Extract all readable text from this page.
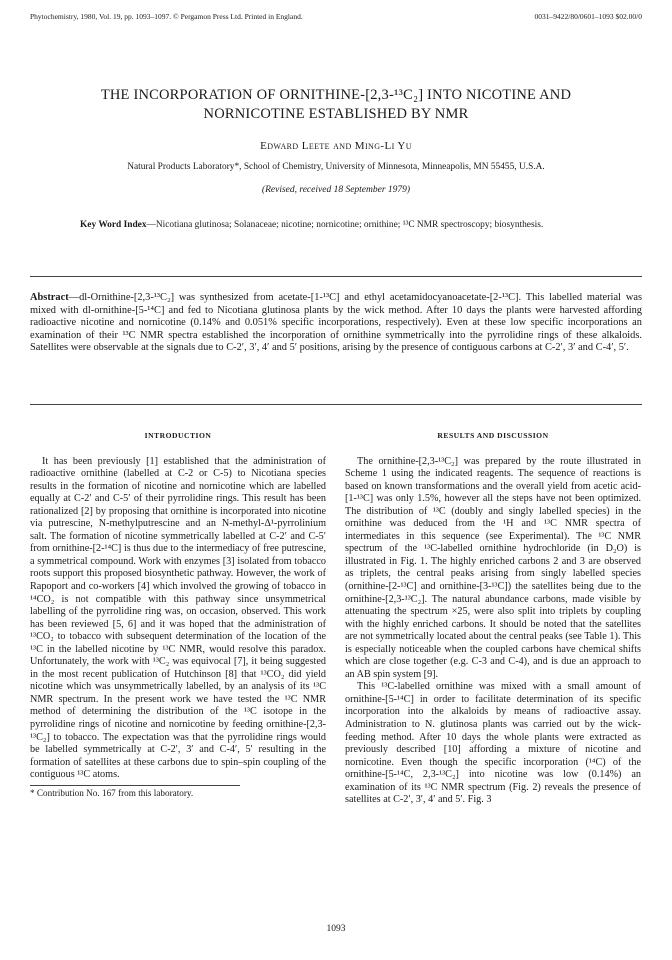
Phytochemistry, 1980, Vol. 19, pp. 1093–1097. © Pergamon Press Ltd. Printed in England.	0031–9422/80/0601–1093 $02.00/0
THE INCORPORATION OF ORNITHINE-[2,3-¹³C₂] INTO NICOTINE AND
NORNICOTINE ESTABLISHED BY NMR
Edward Leete and Ming-Li Yu
Natural Products Laboratory*, School of Chemistry, University of Minnesota, Minneapolis, MN 55455, U.S.A.
(Revised, received 18 September 1979)
Key Word Index—Nicotiana glutinosa; Solanaceae; nicotine; nornicotine; ornithine; ¹³C NMR spectroscopy; biosynthesis.
Abstract—dl-Ornithine-[2,3-¹³C₂] was synthesized from acetate-[1-¹³C] and ethyl acetamidocyanoacetate-[2-¹³C]. This labelled material was mixed with dl-ornithine-[5-¹⁴C] and fed to Nicotiana glutinosa plants by the wick method. After 10 days the plants were harvested affording radioactive nicotine and nornicotine (0.14% and 0.051% specific incorporations, respectively). Even at these low specific incorporations an examination of their ¹³C NMR spectra established the incorporation of ornithine symmetrically into the pyrrolidine rings of these alkaloids. Satellites were observable at the signals due to C-2′, 3′, 4′ and 5′ positions, arising by the presence of contiguous carbons at C-2′, 3′ and C-4′, 5′.
INTRODUCTION

It has been previously [1] established that the administration of radioactive ornithine (labelled at C-2 or C-5) to Nicotiana species results in the formation of nicotine and nornicotine which are labelled equally at C-2′ and C-5′ of their pyrrolidine rings. This result has been rationalized [2] by proposing that ornithine is incorporated into nicotine via putrescine, N-methylputrescine and an N-methyl-Δ¹-pyrrolinium salt. The formation of nicotine symmetrically labelled at C-2′ and C-5′ from ornithine-[2-¹⁴C] is thus due to the intermediacy of free putrescine, a symmetrical compound. Work with enzymes [3] isolated from tobacco roots support this proposed biosynthetic pathway. However, the work of Rapoport and co-workers [4] which involved the growing of tobacco in ¹⁴CO₂ is not compatible with this pathway since unsymmetrical labelling of the pyrrolidine ring was, on occasion, observed. This work has been reviewed [5, 6] and it was hoped that the administration of ¹³CO₂ to tobacco with subsequent determination of the location of the ¹³C in the labelled nicotine by ¹³C NMR, would resolve this paradox. Unfortunately, the work with ¹³C₂ was equivocal [7], it being suggested in the most recent publication of Hutchinson [8] that ¹³CO₂ did yield nicotine which was unsymmetrically labelled, by an analysis of its ¹³C NMR spectrum. In the present work we have tested the ¹³C NMR method of determining the distribution of the ¹³C isotope in the pyrrolidine rings of nicotine and nornicotine by feeding ornithine-[2,3-¹³C₂] to tobacco. The expectation was that the pyrrolidine rings would be labelled symmetrically at C-2′, 3′ and C-4′, 5′ resulting in the formation of satellites at these carbons due to spin–spin coupling of the contiguous ¹³C atoms.

* Contribution No. 167 from this laboratory.
RESULTS AND DISCUSSION

The ornithine-[2,3-¹³C₂] was prepared by the route illustrated in Scheme 1 using the indicated reagents. The sequence of reactions is based on known transformations and the overall yield from acetic acid-[1-¹³C] was only 1.5%, however all the steps have not been optimized. The distribution of ¹³C (doubly and singly labelled species) in the ornithine was deduced from the ¹H and ¹³C NMR spectra of intermediates in this sequence (see Experimental). The ¹³C NMR spectrum of the ¹³C-labelled ornithine hydrochloride (in D₂O) is illustrated in Fig. 1. The highly enriched carbons 2 and 3 are observed as triplets, the central peaks arising from singly labelled species (ornithine-[2-¹³C] and ornithine-[3-¹³C]) the satellites being due to the ornithine-[2,3-¹³C₂]. The natural abundance carbons, made visible by attenuating the spectrum ×25, were also split into triplets by coupling with the highly enriched carbons. It should be noted that the satellites are not symmetrically located about the central peaks (see Table 1). This is especially noticeable when the coupled carbons have chemical shifts which are close together (e.g. C-3 and C-4), and is due an approach to an AB spin system [9].

This ¹³C-labelled ornithine was mixed with a small amount of ornithine-[5-¹⁴C] in order to facilitate determination of its specific incorporation into the alkaloids by means of radioactive assay. Administration to N. glutinosa plants was carried out by the wick-feeding method. After 10 days the whole plants were extracted as previously described [10] affording a mixture of nicotine and nornicotine. Even though the specific incorporation (¹⁴C) of the ornithine-[5-¹⁴C, 2,3-¹³C₂] into nicotine was low (0.14%) an examination of its ¹³C NMR spectrum (Fig. 2) reveals the presence of satellites at C-2′, 3′, 4′ and 5′. Fig. 3

1093
